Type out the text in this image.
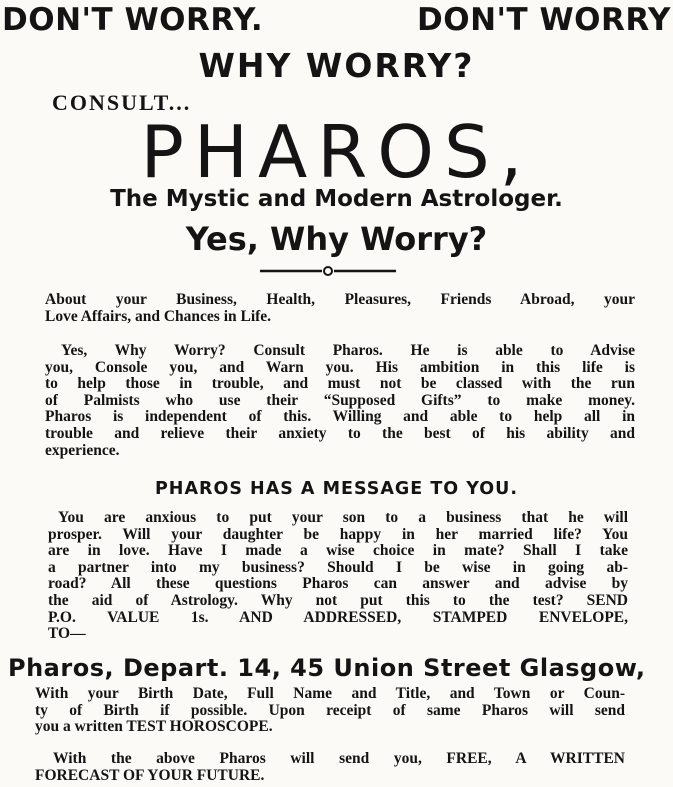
DON'T WORRY.	DON'T WORRY
WHY WORRY?
CONSULT...
PHAROS,
The Mystic and Modern Astrologer.
Yes, Why Worry?
About your Business, Health, Pleasures, Friends Abroad, your
Love Affairs, and Chances in Life.
Yes, Why Worry? Consult Pharos. He is able to Advise
you, Console you, and Warn you. His ambition in this life is
to help those in trouble, and must not be classed with the run
of Palmists who use their “Supposed Gifts” to make money.
Pharos is independent of this. Willing and able to help all in
trouble and relieve their anxiety to the best of his ability and
experience.
PHAROS HAS A MESSAGE TO YOU.
You are anxious to put your son to a business that he will
prosper. Will your daughter be happy in her married life? You
are in love. Have I made a wise choice in mate? Shall I take
a partner into my business? Should I be wise in going ab-
road? All these questions Pharos can answer and advise by
the aid of Astrology. Why not put this to the test? SEND
P.O. VALUE 1s. AND ADDRESSED, STAMPED ENVELOPE,
TO—
Pharos, Depart. 14, 45 Union Street Glasgow,
With your Birth Date, Full Name and Title, and Town or Coun-
ty of Birth if possible. Upon receipt of same Pharos will send
you a written TEST HOROSCOPE.
With the above Pharos will send you, FREE, A WRITTEN
FORECAST OF YOUR FUTURE.
